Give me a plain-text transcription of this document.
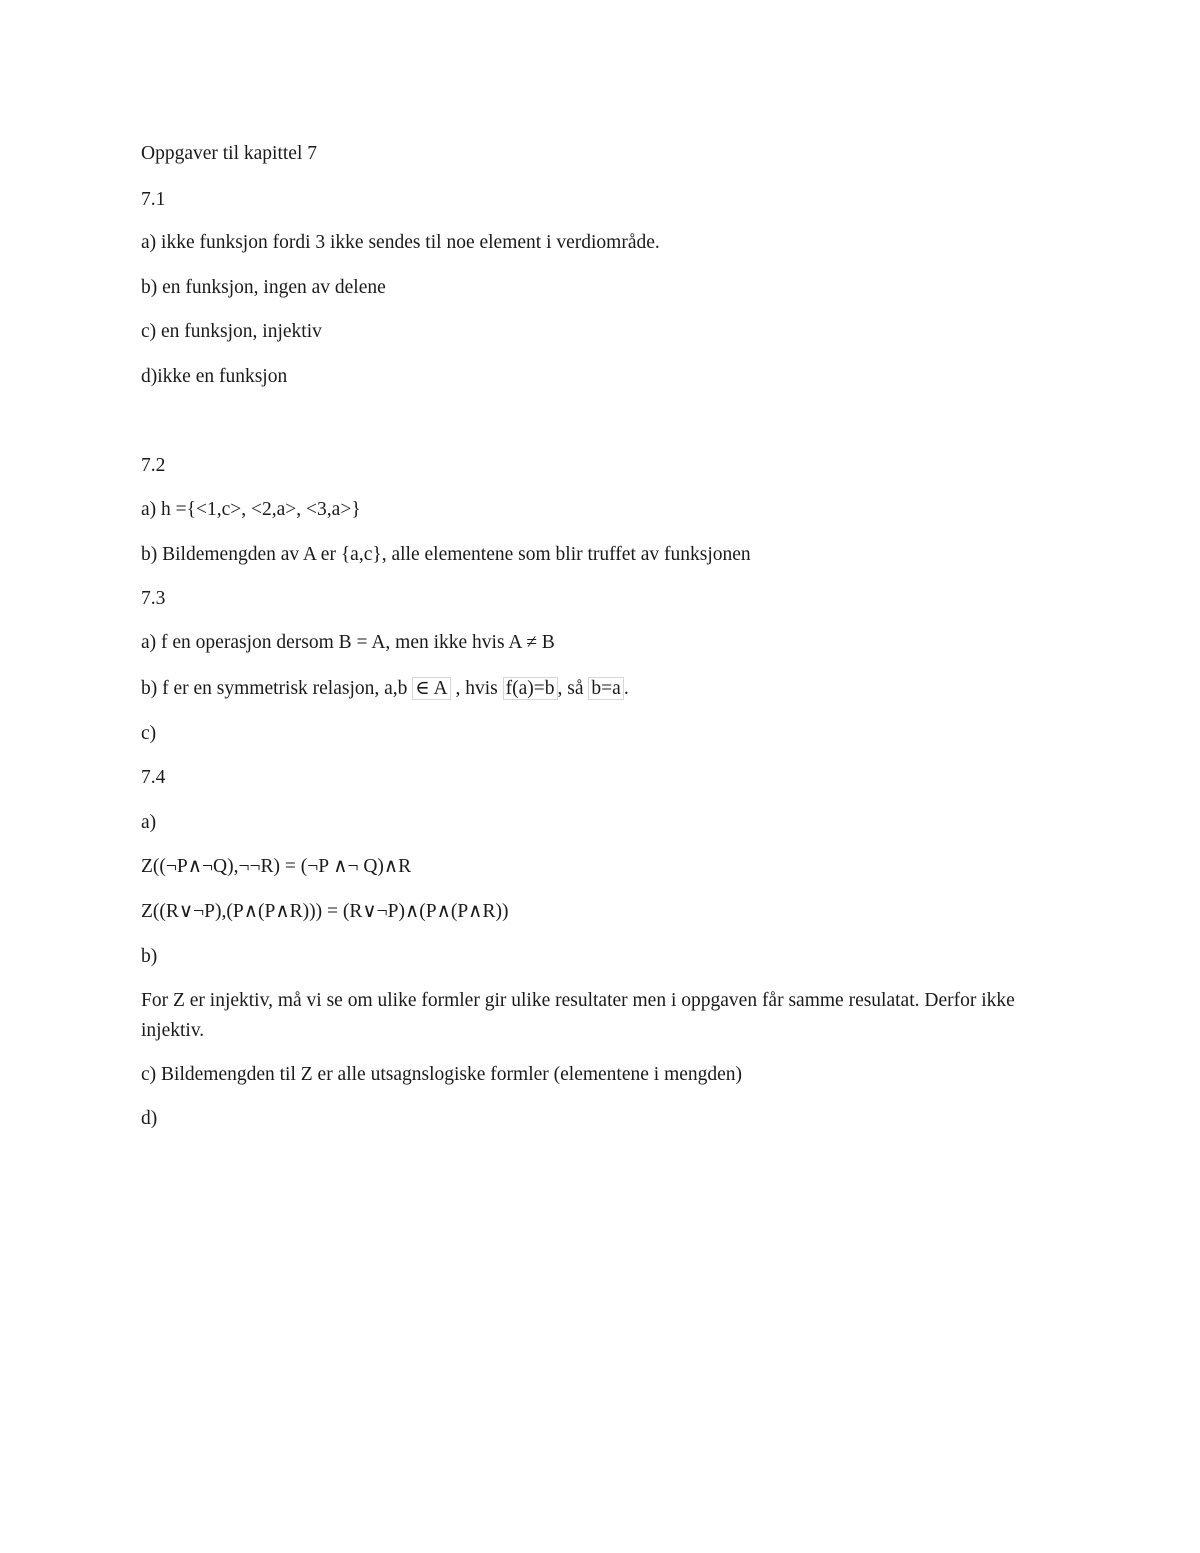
Oppgaver til kapittel 7
7.1
a) ikke funksjon fordi 3 ikke sendes til noe element i verdiområde.
b) en funksjon, ingen av delene
c) en funksjon, injektiv
d)ikke en funksjon
7.2
a) h ={<1,c>, <2,a>, <3,a>}
b) Bildemengden av A er {a,c}, alle elementene som blir truffet av funksjonen
7.3
a) f en operasjon dersom B = A, men ikke hvis A ≠ B
b) f er en symmetrisk relasjon, a,b ∈ A , hvis f(a)=b , så b=a .
c)
7.4
a)
Z((¬P∧¬Q),¬¬R) = (¬P ∧¬ Q)∧R
Z((R∨¬P),(P∧(P∧R))) = (R∨¬P)∧(P∧(P∧R))
b)
For Z er injektiv, må vi se om ulike formler gir ulike resultater men i oppgaven får samme resulatat. Derfor ikke injektiv.
c) Bildemengden til Z er alle utsagnslogiske formler (elementene i mengden)
d)
